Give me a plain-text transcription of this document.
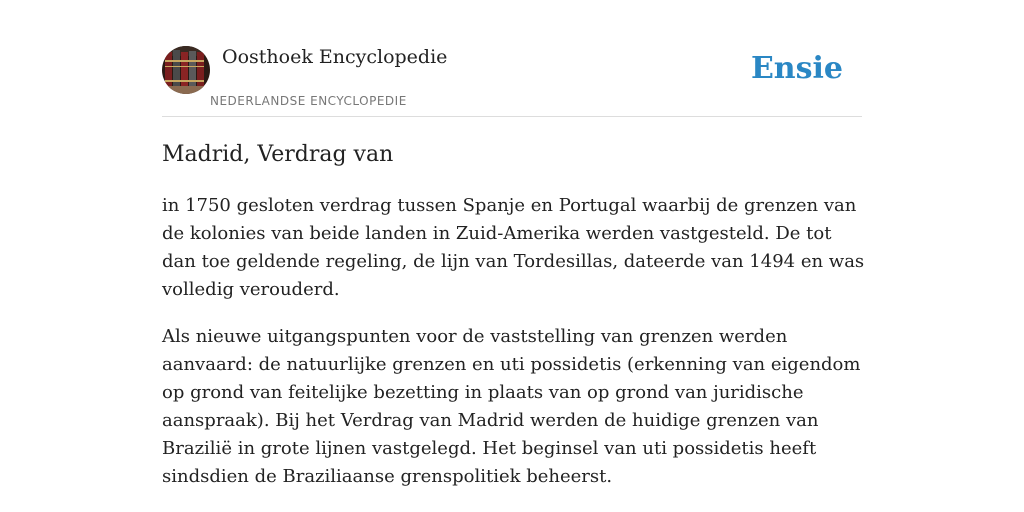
Oosthoek Encyclopedie
NEDERLANDSE ENCYCLOPEDIE
Ensie
Madrid, Verdrag van

in 1750 gesloten verdrag tussen Spanje en Portugal waarbij de grenzen van de kolonies van beide landen in Zuid-Amerika werden vastgesteld. De tot dan toe geldende regeling, de lijn van Tordesillas, dateerde van 1494 en was volledig verouderd.

Als nieuwe uitgangspunten voor de vaststelling van grenzen werden aanvaard: de natuurlijke grenzen en uti possidetis (erkenning van eigendom op grond van feitelijke bezetting in plaats van op grond van juridische aanspraak). Bij het Verdrag van Madrid werden de huidige grenzen van Brazilië in grote lijnen vastgelegd. Het beginsel van uti possidetis heeft sindsdien de Braziliaanse grenspolitiek beheerst.
